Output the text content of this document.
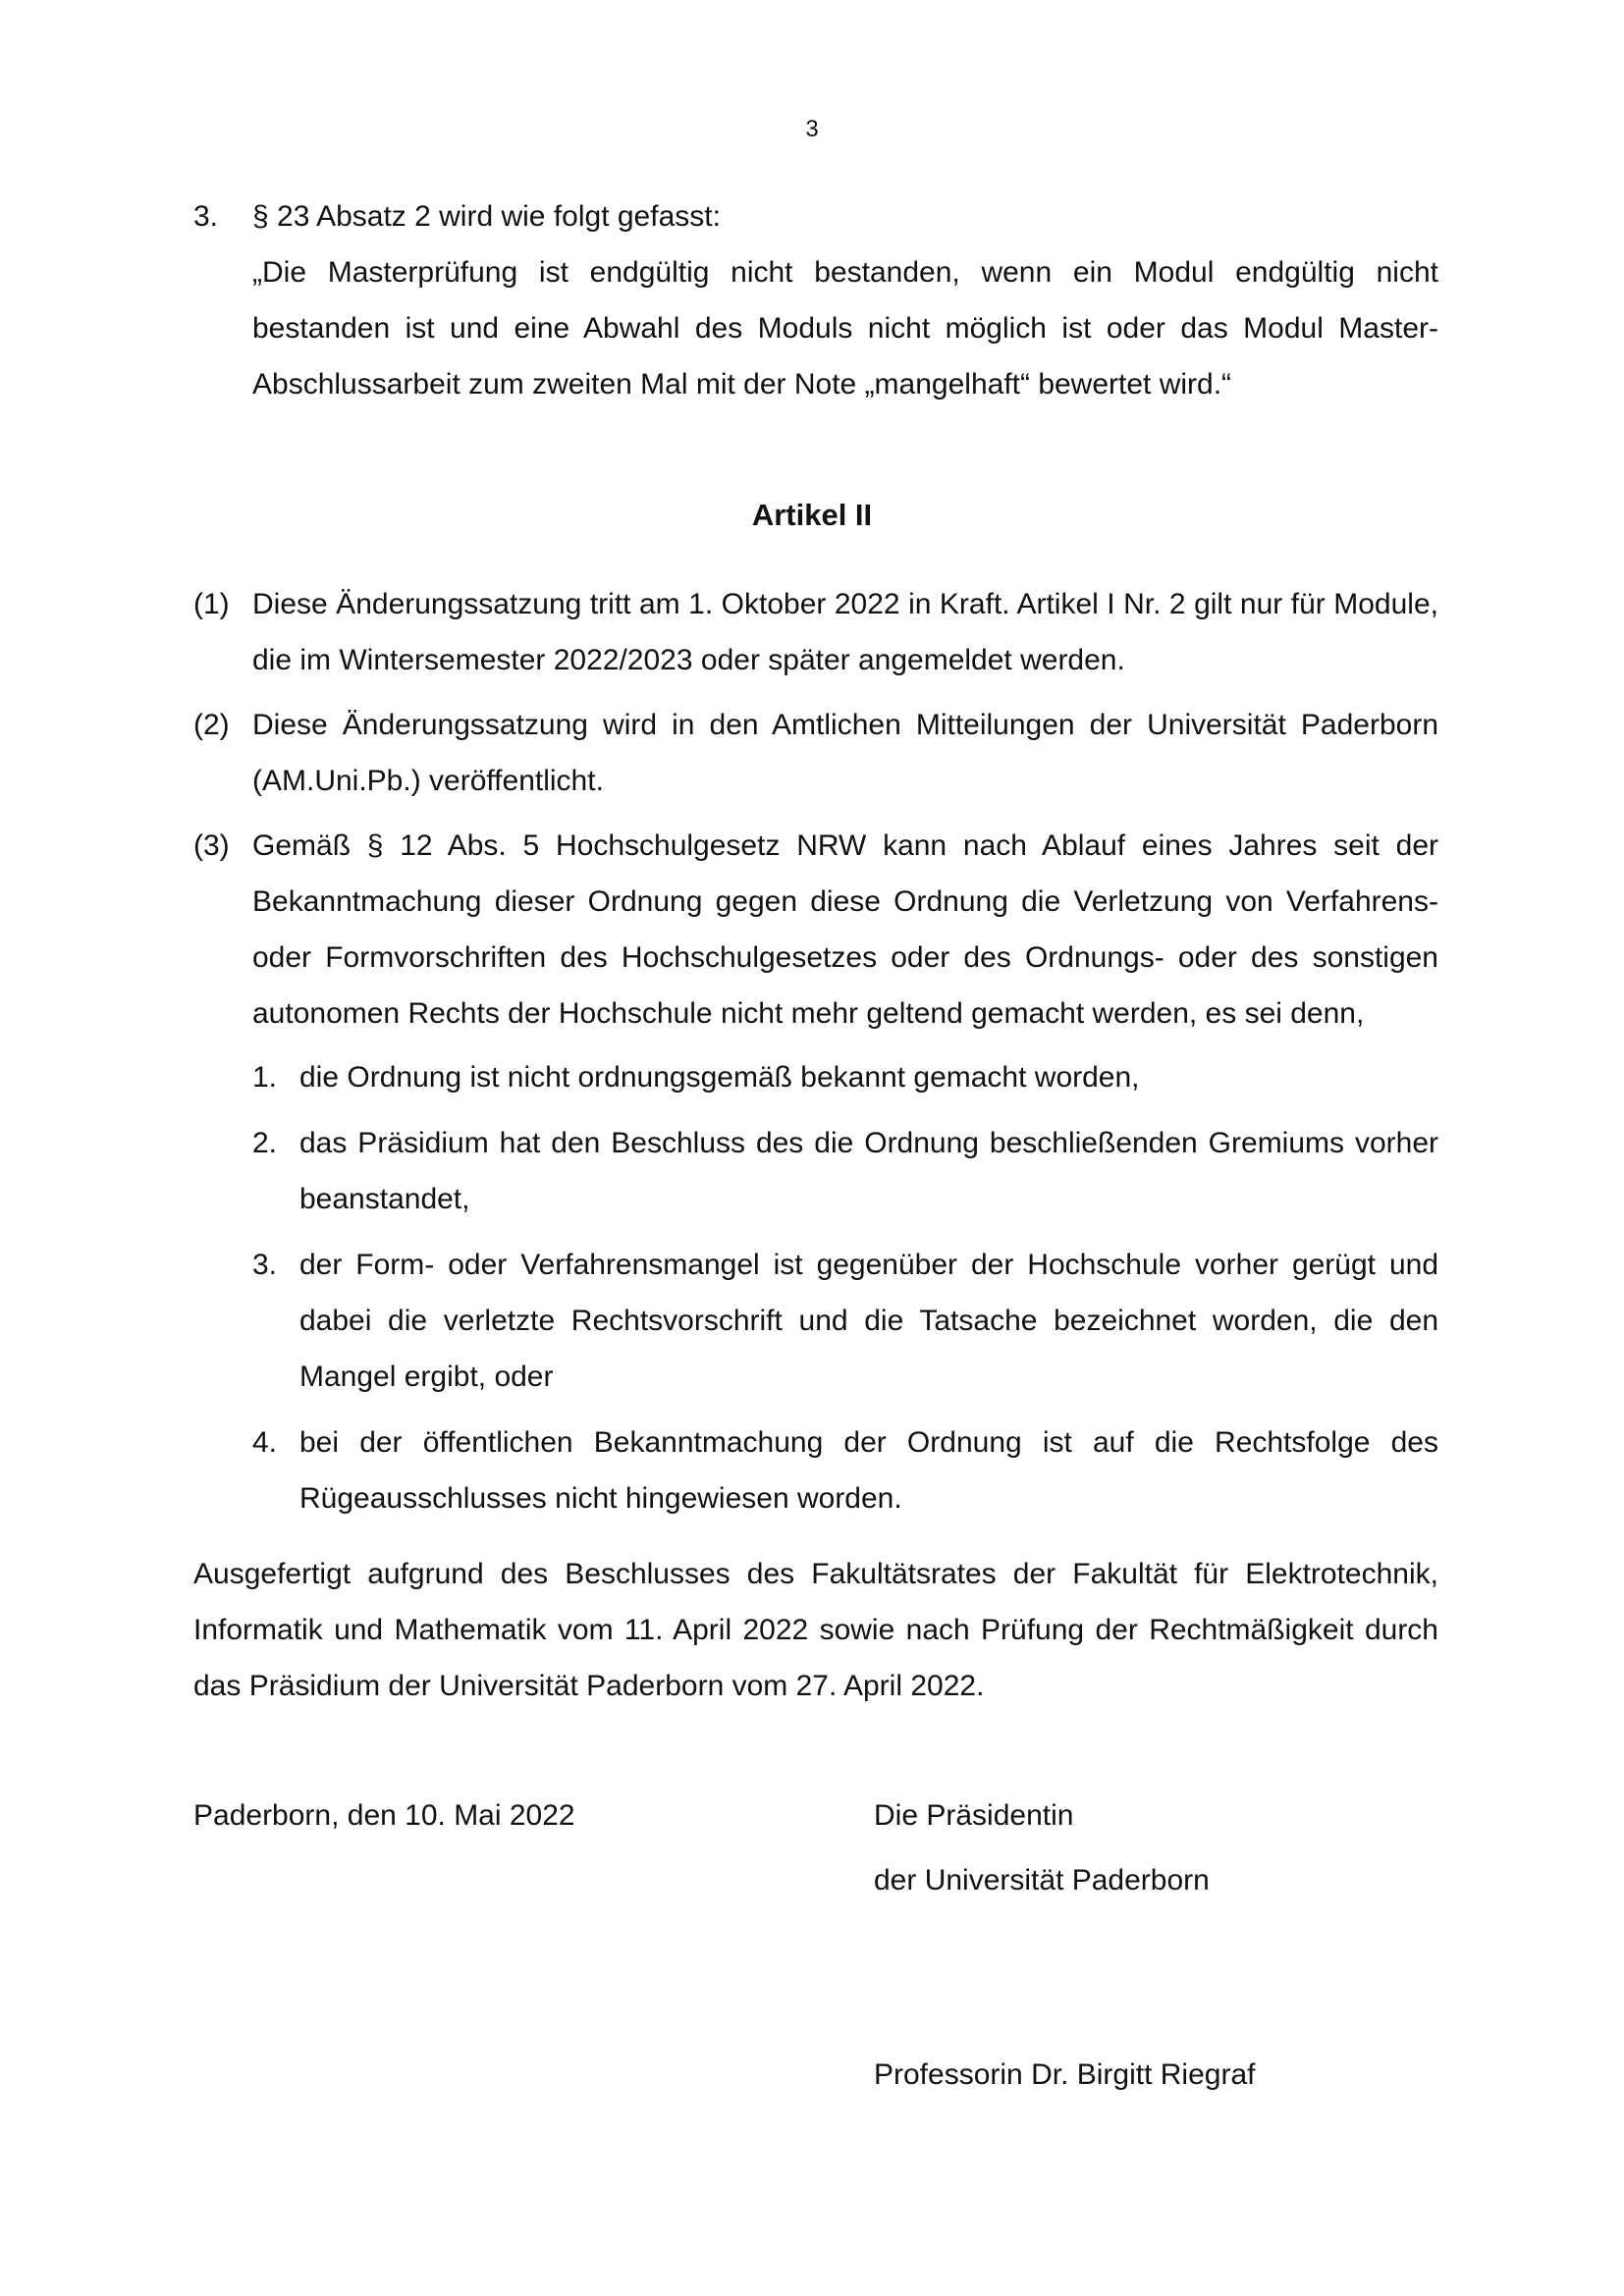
3
3. § 23 Absatz 2 wird wie folgt gefasst:
„Die Masterprüfung ist endgültig nicht bestanden, wenn ein Modul endgültig nicht bestanden ist und eine Abwahl des Moduls nicht möglich ist oder das Modul Master-Abschlussarbeit zum zweiten Mal mit der Note „mangelhaft“ bewertet wird.“
Artikel II
(1) Diese Änderungssatzung tritt am 1. Oktober 2022 in Kraft. Artikel I Nr. 2 gilt nur für Module, die im Wintersemester 2022/2023 oder später angemeldet werden.
(2) Diese Änderungssatzung wird in den Amtlichen Mitteilungen der Universität Paderborn (AM.Uni.Pb.) veröffentlicht.
(3) Gemäß § 12 Abs. 5 Hochschulgesetz NRW kann nach Ablauf eines Jahres seit der Bekanntmachung dieser Ordnung gegen diese Ordnung die Verletzung von Verfahrens- oder Formvorschriften des Hochschulgesetzes oder des Ordnungs- oder des sonstigen autonomen Rechts der Hochschule nicht mehr geltend gemacht werden, es sei denn,
1. die Ordnung ist nicht ordnungsgemäß bekannt gemacht worden,
2. das Präsidium hat den Beschluss des die Ordnung beschließenden Gremiums vorher beanstandet,
3. der Form- oder Verfahrensmangel ist gegenüber der Hochschule vorher gerügt und dabei die verletzte Rechtsvorschrift und die Tatsache bezeichnet worden, die den Mangel ergibt, oder
4. bei der öffentlichen Bekanntmachung der Ordnung ist auf die Rechtsfolge des Rügeausschlusses nicht hingewiesen worden.
Ausgefertigt aufgrund des Beschlusses des Fakultätsrates der Fakultät für Elektrotechnik, Informatik und Mathematik vom 11. April 2022 sowie nach Prüfung der Rechtmäßigkeit durch das Präsidium der Universität Paderborn vom 27. April 2022.
Paderborn, den 10. Mai 2022	Die Präsidentin
der Universität Paderborn
Professorin Dr. Birgitt Riegraf
